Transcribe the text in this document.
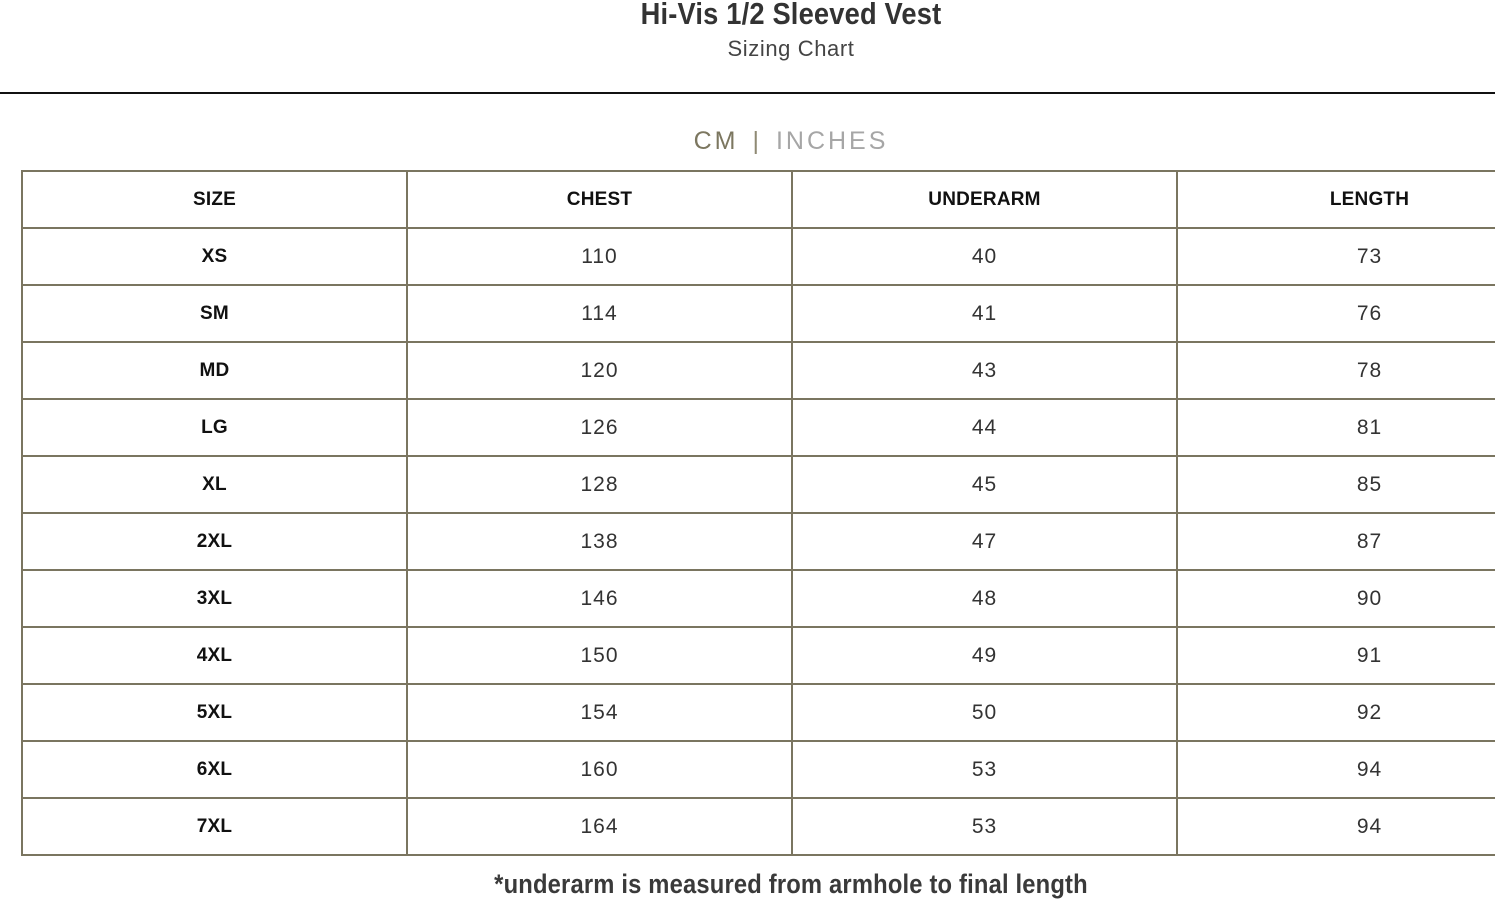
Hi-Vis 1/2 Sleeved Vest
Sizing Chart
CM | INCHES
SIZE	CHEST	UNDERARM	LENGTH
XS	110	40	73
SM	114	41	76
MD	120	43	78
LG	126	44	81
XL	128	45	85
2XL	138	47	87
3XL	146	48	90
4XL	150	49	91
5XL	154	50	92
6XL	160	53	94
7XL	164	53	94
*underarm is measured from armhole to final length
